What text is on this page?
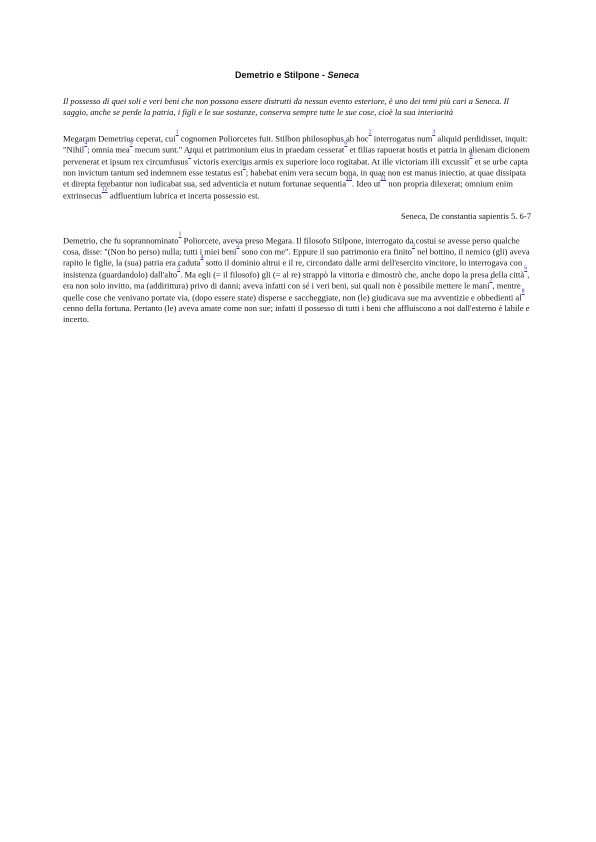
Demetrio e Stilpone - Seneca
Il possesso di quei soli e veri beni che non possono essere distrutti da nessun evento esteriore, è uno dei temi più cari a Seneca. Il saggio, anche se perde la patria, i figli e le sue sostanze, conserva sempre tutte le sue cose, cioè la sua interiorità
Megaram Demetrius ceperat, cui$^{^1}$ cognomen Poliorcetes fuit. Stilbon philosophus ab hoc$^{^2}$ interrogatus num$^{^3}$ aliquid perdidisset, inquit: "Nihil$^{^4}$; omnia mea$^{^5}$ mecum sunt." Atqui et patrimonium eius in praedam cesserat$^{^6}$ et filias rapuerat hostis et patria in alienam dicionem pervenerat et ipsum rex circumfusus$^{^7}$ victoris exercitus armis ex superiore loco rogitabat. At ille victoriam illi excussit$^{^8}$ et se urbe capta non invictum tantum sed indemnem esse testatus est$^{^9}$; habebat enim vera secum bona, in quae non est manus iniectio, at quae dissipata et direpta ferebantur non iudicabat sua, sed adventicia et nutum fortunae sequentia$^{^{10}}$. Ideo ut$^{^{11}}$ non propria dilexerat; omnium enim extrinsecus$^{^{12}}$ adfluentium lubrica et incerta possessio est.
Seneca, De constantia sapientis 5. 6-7
Demetrio, che fu soprannominato$^{^1}$ Poliorcete, aveva preso Megara. Il filosofo Stilpone, interrogato da costui se avesse perso qualche cosa, disse: "(Non ho perso) nulla; tutti i miei beni$^{^2}$ sono con me". Eppure il suo patrimonio era finito$^{^3}$ nel bottino, il nemico (gli) aveva rapito le figlie, la (sua) patria era caduta$^{^4}$ sotto il dominio altrui e il re, circondato dalle armi dell'esercito vincitore, lo interrogava con insistenza (guardandolo) dall'alto$^{^5}$. Ma egli (= il filosofo) gli (= al re) strappò la vittoria e dimostrò che, anche dopo la presa della città$^{^6}$, era non solo invitto, ma (addirittura) privo di danni; aveva infatti con sé i veri beni, sui quali non è possibile mettere le mani$^{^7}$, mentre quelle cose che venivano portate via, (dopo essere state) disperse e saccheggiate, non (le) giudicava sue ma avventizie e obbedienti al$^{^8}$ cenno della fortuna. Pertanto (le) aveva amate come non sue; infatti il possesso di tutti i beni che affluiscono a noi dall'esterno è labile e incerto.
